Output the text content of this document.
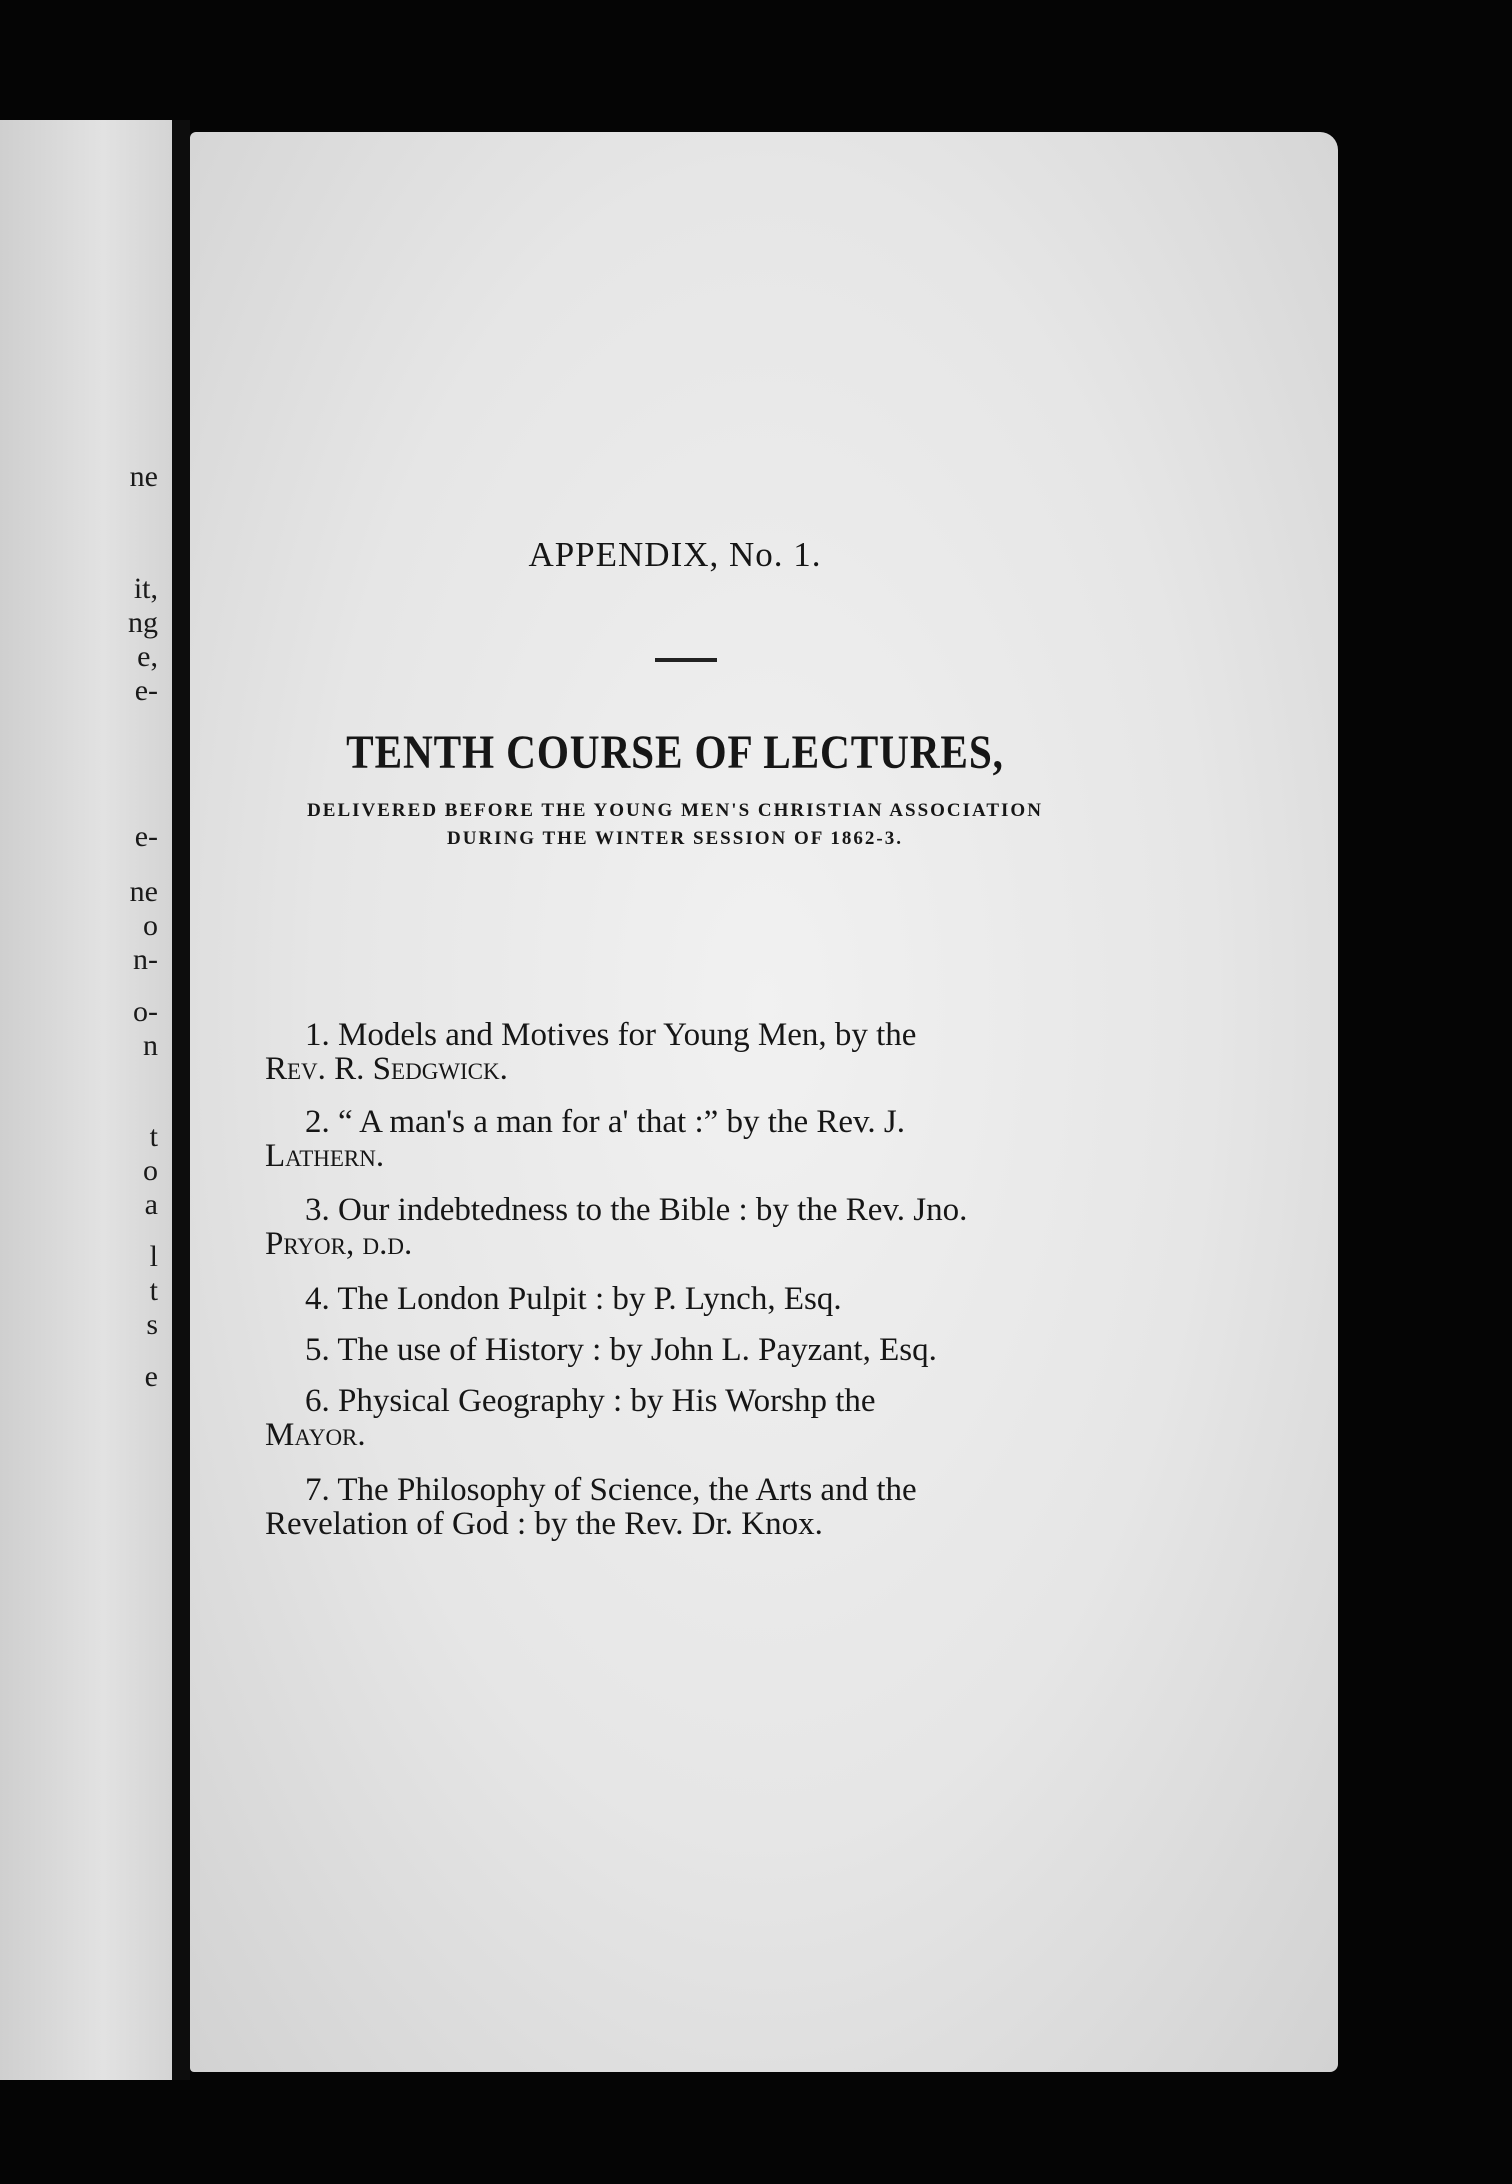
ne

it,

ng

e,

e-

e-

ne

o

n-

o-

n

t

o

a

l

t

s

e

APPENDIX, No. 1.
TENTH COURSE OF LECTURES,

DELIVERED BEFORE THE YOUNG MEN'S CHRISTIAN ASSOCIATION

DURING THE WINTER SESSION OF 1862-3.

1. Models and Motives for Young Men, by the
Rev. R. Sedgwick.
2. “ A man's a man for a' that :” by the Rev. J.
Lathern.
3. Our indebtedness to the Bible : by the Rev. Jno.
Pryor, d.d.
4. The London Pulpit : by P. Lynch, Esq.
5. The use of History : by John L. Payzant, Esq.
6. Physical Geography : by His Worshp the
Mayor.
7. The Philosophy of Science, the Arts and the
Revelation of God : by the Rev. Dr. Knox.
